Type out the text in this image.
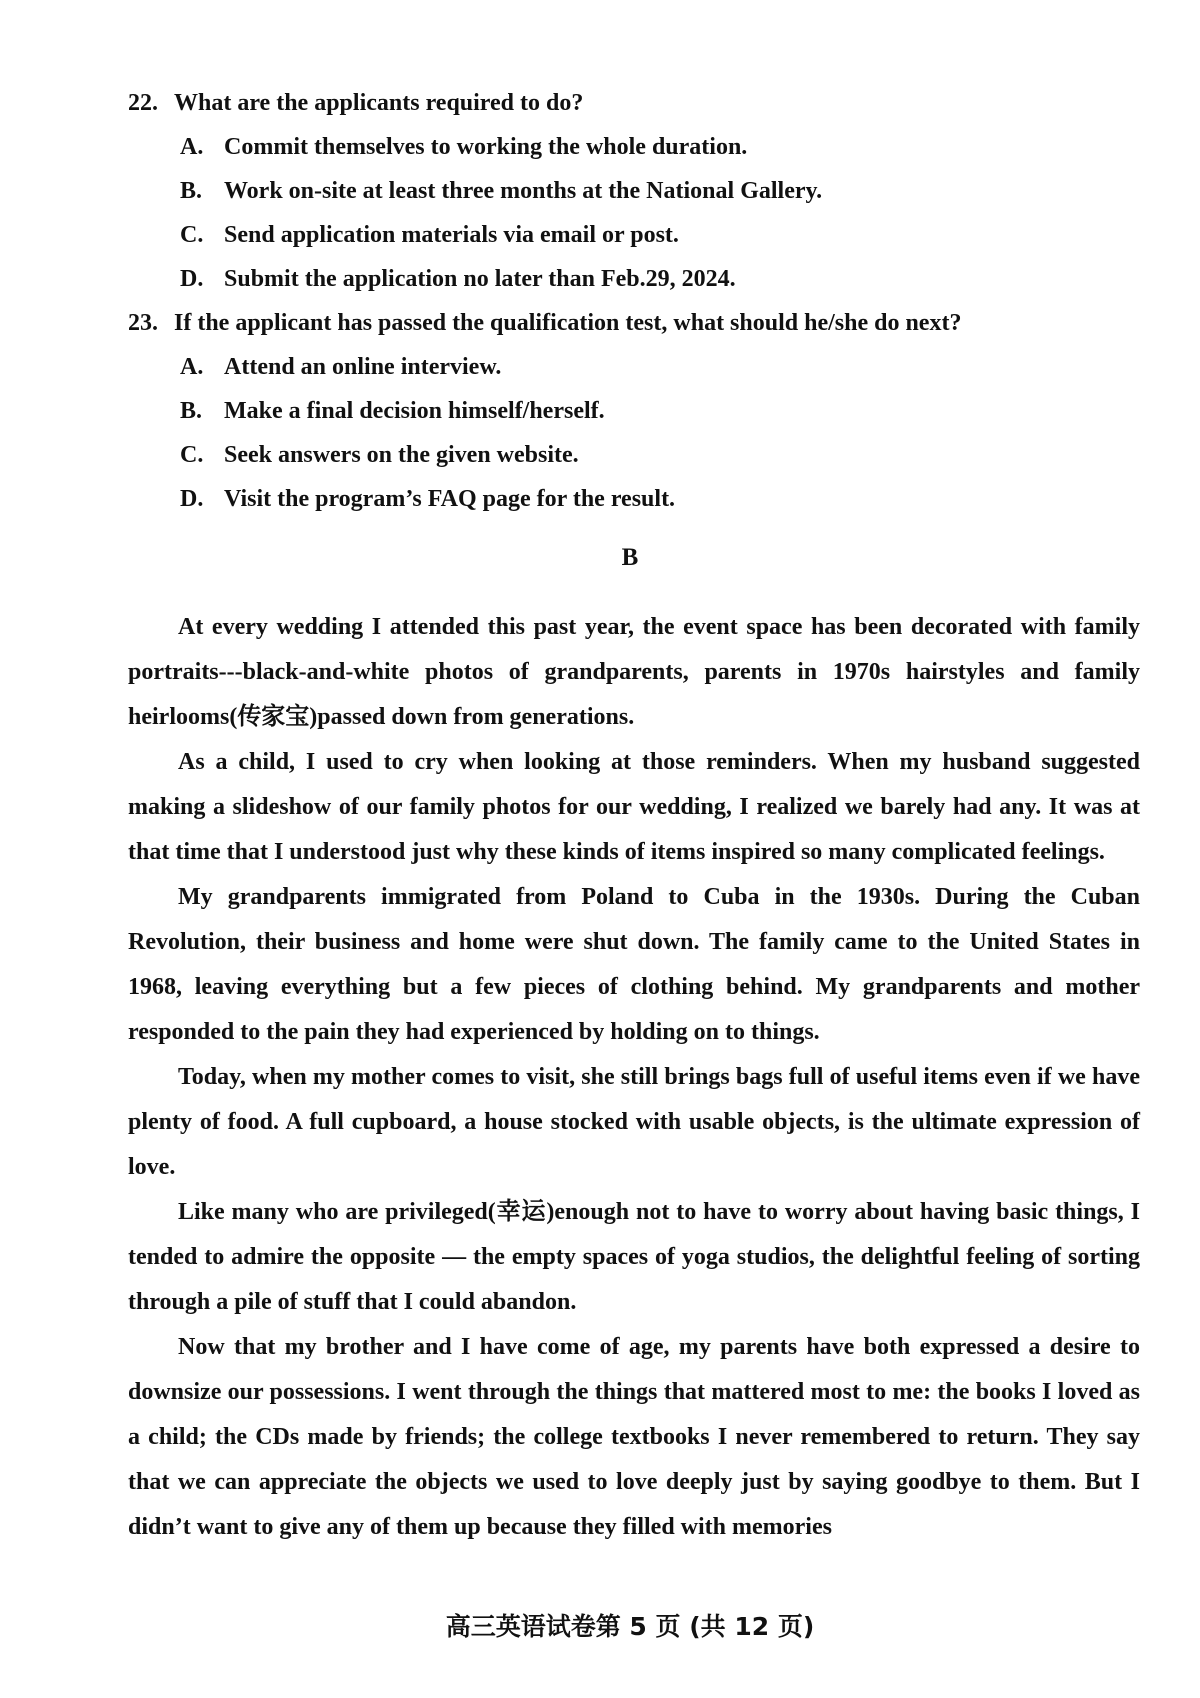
22. What are the applicants required to do?
A. Commit themselves to working the whole duration.
B. Work on-site at least three months at the National Gallery.
C. Send application materials via email or post.
D. Submit the application no later than Feb.29, 2024.
23. If the applicant has passed the qualification test, what should he/she do next?
A. Attend an online interview.
B. Make a final decision himself/herself.
C. Seek answers on the given website.
D. Visit the program’s FAQ page for the result.
B

At every wedding I attended this past year, the event space has been decorated with family portraits---black-and-white photos of grandparents, parents in 1970s hairstyles and family heirlooms(传家宝)passed down from generations.

As a child, I used to cry when looking at those reminders. When my husband suggested making a slideshow of our family photos for our wedding, I realized we barely had any. It was at that time that I understood just why these kinds of items inspired so many complicated feelings.

My grandparents immigrated from Poland to Cuba in the 1930s. During the Cuban Revolution, their business and home were shut down. The family came to the United States in 1968, leaving everything but a few pieces of clothing behind. My grandparents and mother responded to the pain they had experienced by holding on to things.

Today, when my mother comes to visit, she still brings bags full of useful items even if we have plenty of food. A full cupboard, a house stocked with usable objects, is the ultimate expression of love.

Like many who are privileged(幸运)enough not to have to worry about having basic things, I tended to admire the opposite — the empty spaces of yoga studios, the delightful feeling of sorting through a pile of stuff that I could abandon.

Now that my brother and I have come of age, my parents have both expressed a desire to downsize our possessions. I went through the things that mattered most to me: the books I loved as a child; the CDs made by friends; the college textbooks I never remembered to return. They say that we can appreciate the objects we used to love deeply just by saying goodbye to them. But I didn’t want to give any of them up because they filled with memories

高三英语试卷第 5 页 (共 12 页)
